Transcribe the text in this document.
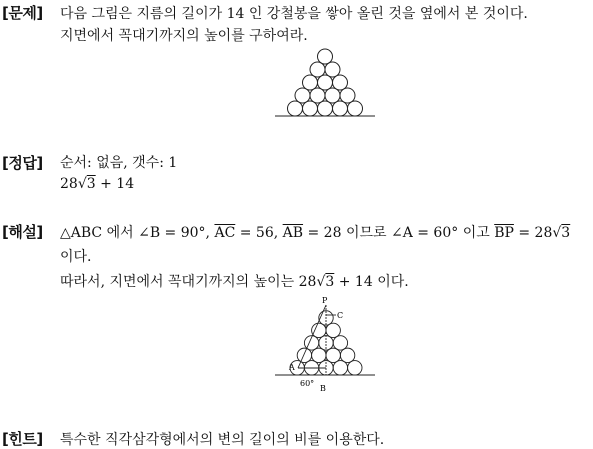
[문제] 다음 그림은 지름의 길이가 14 인 강철봉을 쌓아 올린 것을 옆에서 본 것이다.
지면에서 꼭대기까지의 높이를 구하여라.
[정답] 순서: 없음, 갯수: 1
28√3 + 14
[해설] △ABC 에서 ∠B = 90°, $\overline{AC} = 56$, $\overline{AB} = 28$ 이므로 ∠A = 60° 이고 $\overline{BP} = 28√3$
이다.
따라서, 지면에서 꼭대기까지의 높이는 28√3 + 14 이다.
P
C
A
B
60°
[힌트] 특수한 직각삼각형에서의 변의 길이의 비를 이용한다.
